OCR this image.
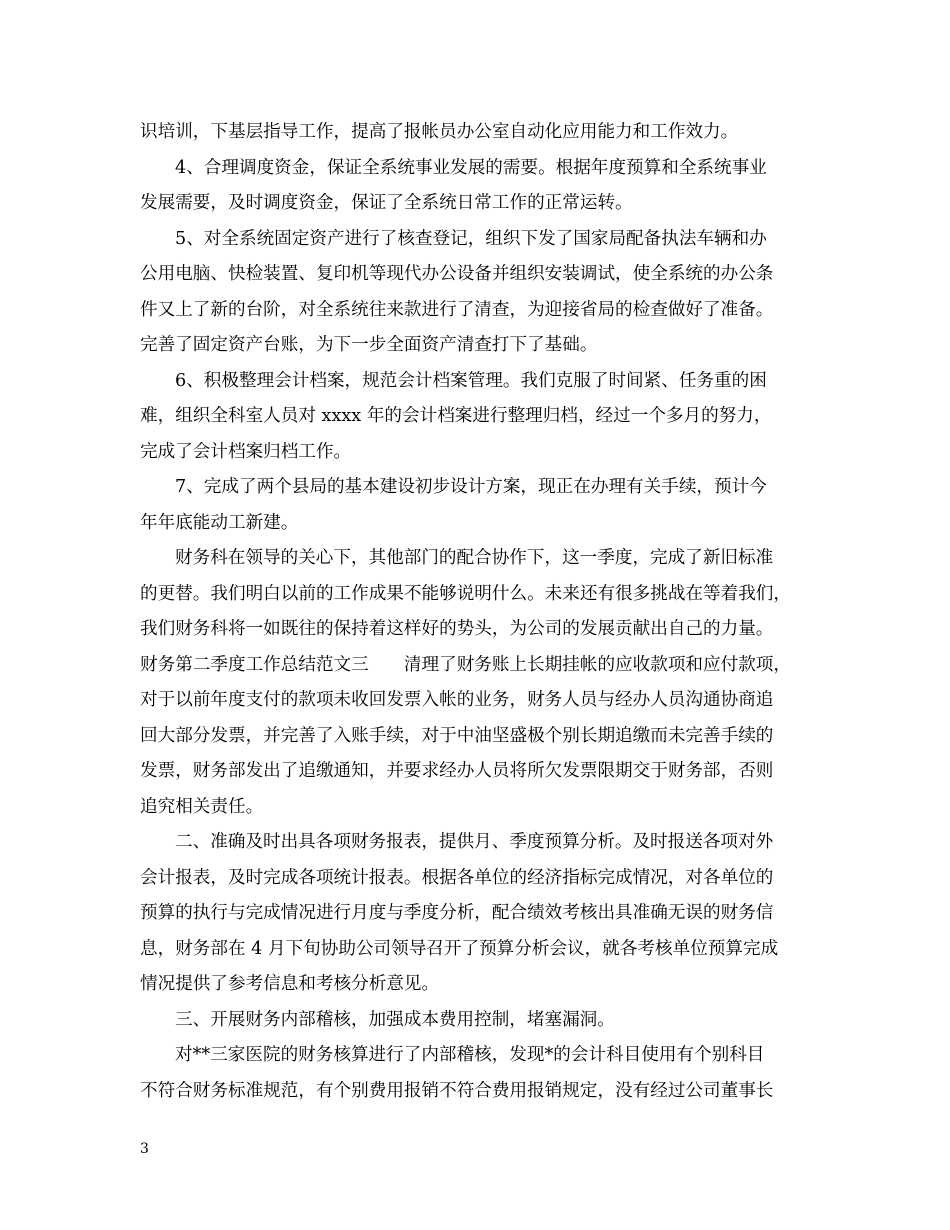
识培训，下基层指导工作，提高了报帐员办公室自动化应用能力和工作效力。
4、合理调度资金，保证全系统事业发展的需要。根据年度预算和全系统事业
发展需要，及时调度资金，保证了全系统日常工作的正常运转。
5、对全系统固定资产进行了核查登记，组织下发了国家局配备执法车辆和办
公用电脑、快检装置、复印机等现代办公设备并组织安装调试，使全系统的办公条
件又上了新的台阶，对全系统往来款进行了清查，为迎接省局的检查做好了准备。
完善了固定资产台账，为下一步全面资产清查打下了基础。
6、积极整理会计档案，规范会计档案管理。我们克服了时间紧、任务重的困
难，组织全科室人员对 xxxx 年的会计档案进行整理归档，经过一个多月的努力，
完成了会计档案归档工作。
7、完成了两个县局的基本建设初步设计方案，现正在办理有关手续，预计今
年年底能动工新建。
财务科在领导的关心下，其他部门的配合协作下，这一季度，完成了新旧标准
的更替。我们明白以前的工作成果不能够说明什么。未来还有很多挑战在等着我们，
我们财务科将一如既往的保持着这样好的势头，为公司的发展贡献出自己的力量。
财务第二季度工作总结范文三　　清理了财务账上长期挂帐的应收款项和应付款项，
对于以前年度支付的款项未收回发票入帐的业务，财务人员与经办人员沟通协商追
回大部分发票，并完善了入账手续，对于中油坚盛极个别长期追缴而未完善手续的
发票，财务部发出了追缴通知，并要求经办人员将所欠发票限期交于财务部，否则
追究相关责任。
二、准确及时出具各项财务报表，提供月、季度预算分析。及时报送各项对外
会计报表，及时完成各项统计报表。根据各单位的经济指标完成情况，对各单位的
预算的执行与完成情况进行月度与季度分析，配合绩效考核出具准确无误的财务信
息，财务部在 4 月下旬协助公司领导召开了预算分析会议，就各考核单位预算完成
情况提供了参考信息和考核分析意见。
三、开展财务内部稽核，加强成本费用控制，堵塞漏洞。
对**三家医院的财务核算进行了内部稽核，发现*的会计科目使用有个别科目
不符合财务标准规范，有个别费用报销不符合费用报销规定，没有经过公司董事长
3
